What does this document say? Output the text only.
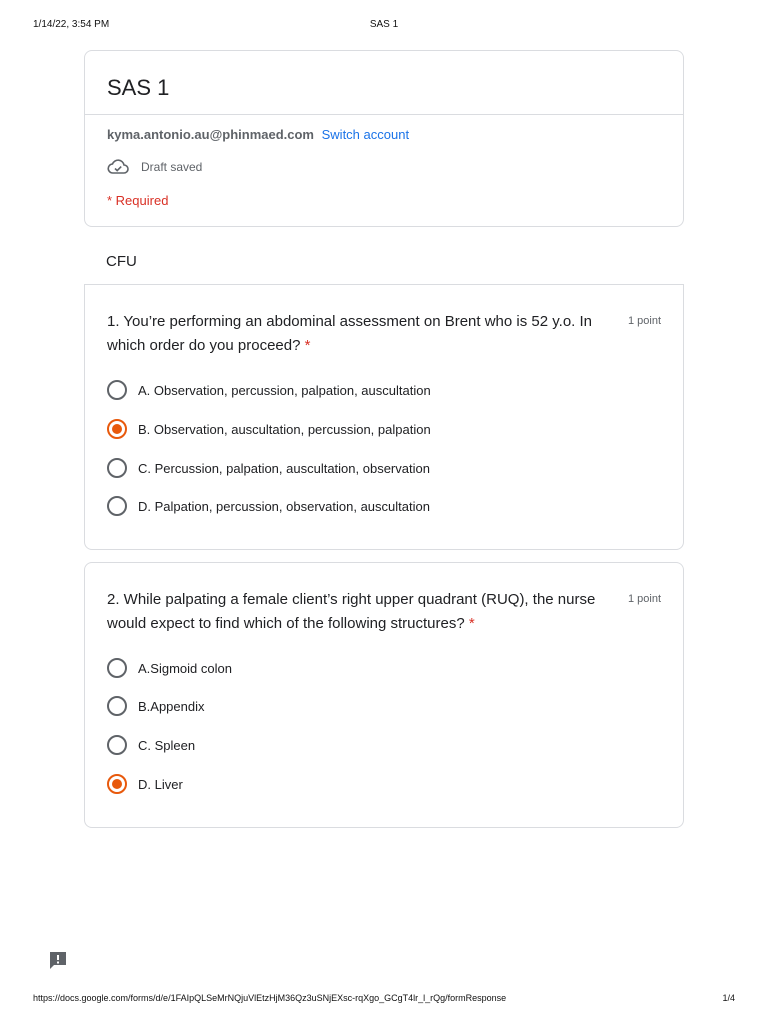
1/14/22, 3:54 PM	SAS 1
SAS 1
kyma.antonio.au@phinmaed.com Switch account
Draft saved
* Required
CFU
1. You’re performing an abdominal assessment on Brent who is 52 y.o. In which order do you proceed? *
1 point
A. Observation, percussion, palpation, auscultation
B. Observation, auscultation, percussion, palpation
C. Percussion, palpation, auscultation, observation
D. Palpation, percussion, observation, auscultation
2. While palpating a female client’s right upper quadrant (RUQ), the nurse would expect to find which of the following structures? *
1 point
A.Sigmoid colon
B.Appendix
C. Spleen
D. Liver
https://docs.google.com/forms/d/e/1FAIpQLSeMrNQjuVlEtzHjM36Qz3uSNjEXsc-rqXgo_GCgT4lr_l_rQg/formResponse	1/4
